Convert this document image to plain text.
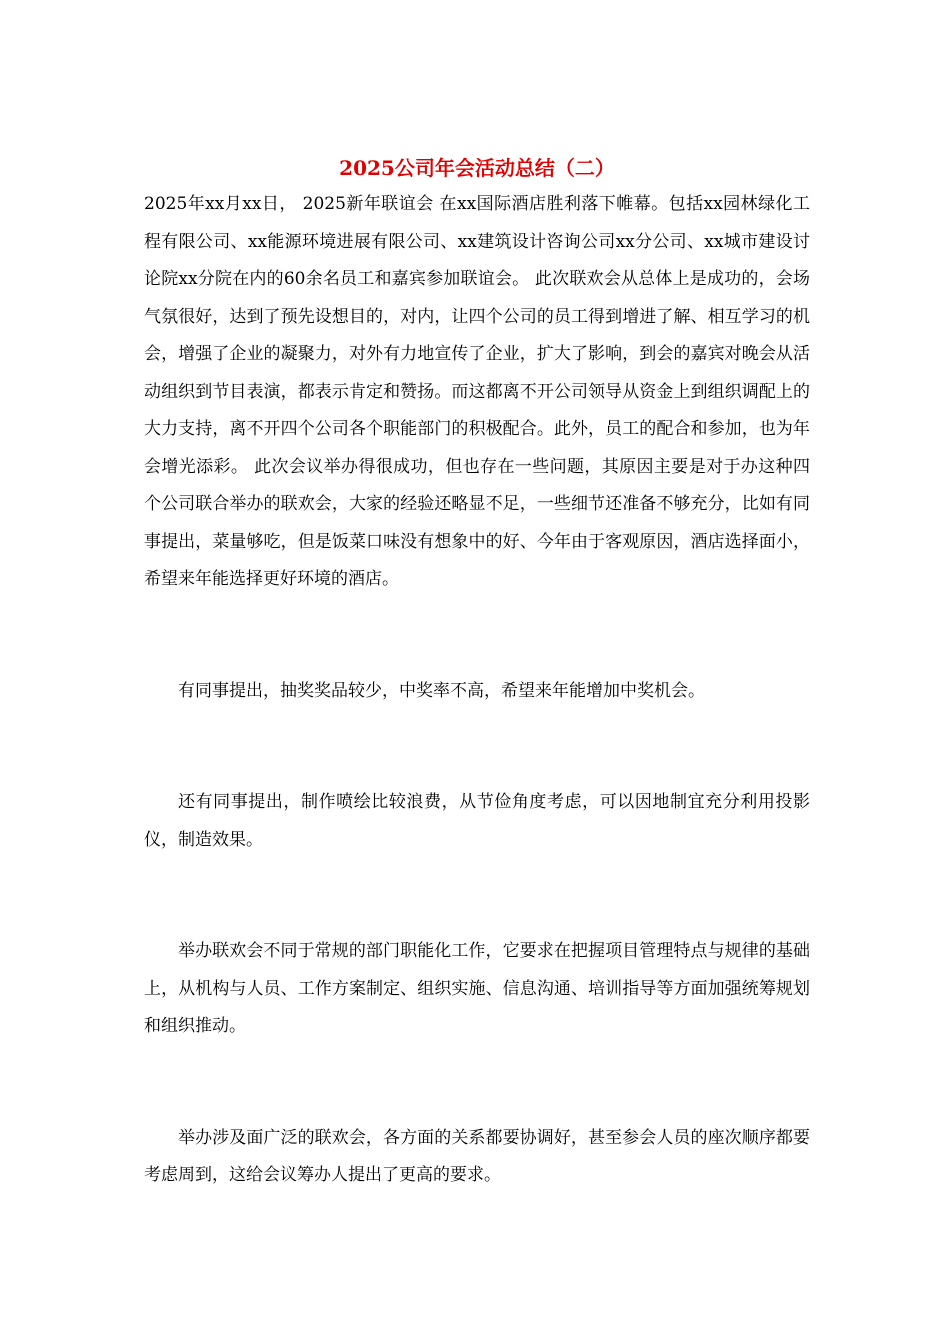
2025公司年会活动总结（二）

2025年xx月xx日， 2025新年联谊会 在xx国际酒店胜利落下帷幕。包括xx园林绿化工程有限公司、xx能源环境进展有限公司、xx建筑设计咨询公司xx分公司、xx城市建设讨论院xx分院在内的60余名员工和嘉宾参加联谊会。 此次联欢会从总体上是成功的，会场气氛很好，达到了预先设想目的，对内，让四个公司的员工得到增进了解、相互学习的机会，增强了企业的凝聚力，对外有力地宣传了企业，扩大了影响，到会的嘉宾对晚会从活动组织到节目表演，都表示肯定和赞扬。而这都离不开公司领导从资金上到组织调配上的大力支持，离不开四个公司各个职能部门的积极配合。此外，员工的配合和参加，也为年会增光添彩。 此次会议举办得很成功，但也存在一些问题，其原因主要是对于办这种四个公司联合举办的联欢会，大家的经验还略显不足，一些细节还准备不够充分，比如有同事提出，菜量够吃，但是饭菜口味没有想象中的好、今年由于客观原因，酒店选择面小，希望来年能选择更好环境的酒店。

有同事提出，抽奖奖品较少，中奖率不高，希望来年能增加中奖机会。

还有同事提出，制作喷绘比较浪费，从节俭角度考虑，可以因地制宜充分利用投影仪，制造效果。

举办联欢会不同于常规的部门职能化工作，它要求在把握项目管理特点与规律的基础上，从机构与人员、工作方案制定、组织实施、信息沟通、培训指导等方面加强统筹规划和组织推动。

举办涉及面广泛的联欢会，各方面的关系都要协调好，甚至参会人员的座次顺序都要考虑周到，这给会议筹办人提出了更高的要求。
